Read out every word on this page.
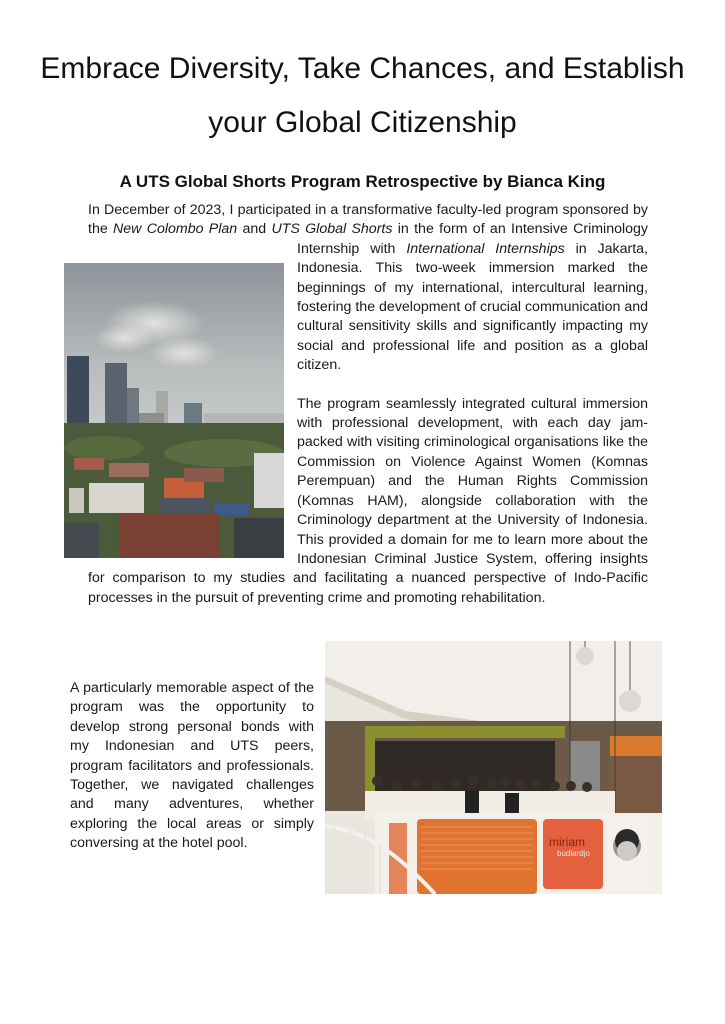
Embrace Diversity, Take Chances, and Establish
your Global Citizenship
A UTS Global Shorts Program Retrospective by Bianca King
In December of 2023, I participated in a transformative faculty-led program sponsored by the New Colombo Plan and UTS Global Shorts in the form of an Intensive Criminology Internship with International Internships in Jakarta, Indonesia. This two-week immersion marked the beginnings of my international, intercultural learning, fostering the development of crucial communication and cultural sensitivity skills and significantly impacting my social and professional life and position as a global citizen.
The program seamlessly integrated cultural immersion with professional development, with each day jam-packed with visiting criminological organisations like the Commission on Violence Against Women (Komnas Perempuan) and the Human Rights Commission (Komnas HAM), alongside collaboration with the Criminology department at the University of Indonesia. This provided a domain for me to learn more about the Indonesian Criminal Justice System, offering insights for comparison to my studies and facilitating a nuanced perspective of Indo-Pacific processes in the pursuit of preventing crime and promoting rehabilitation.
miriam
budiardjo

A particularly memorable aspect of the program was the opportunity to develop strong personal bonds with my Indonesian and UTS peers, program facilitators and professionals. Together, we navigated challenges and many adventures, whether exploring the local areas or simply conversing at the hotel pool.
